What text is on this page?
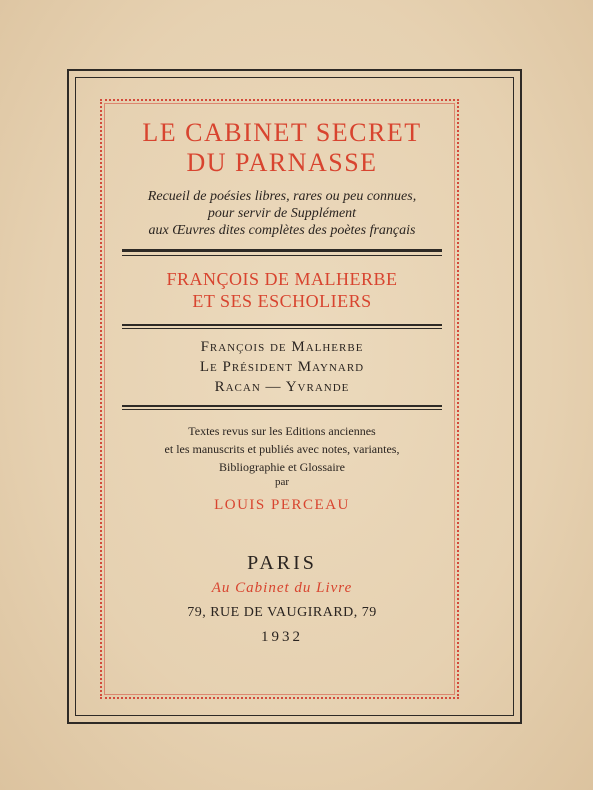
LE CABINET SECRET
DU PARNASSE
Recueil de poésies libres, rares ou peu connues,
pour servir de Supplément
aux Œuvres dites complètes des poètes français
FRANÇOIS DE MALHERBE
ET SES ESCHOLIERS
François de Malherbe
Le Président Maynard
Racan — Yvrande
Textes revus sur les Editions anciennes
et les manuscrits et publiés avec notes, variantes,
Bibliographie et Glossaire
par
LOUIS PERCEAU
PARIS
Au Cabinet du Livre
79, RUE DE VAUGIRARD, 79
1932
